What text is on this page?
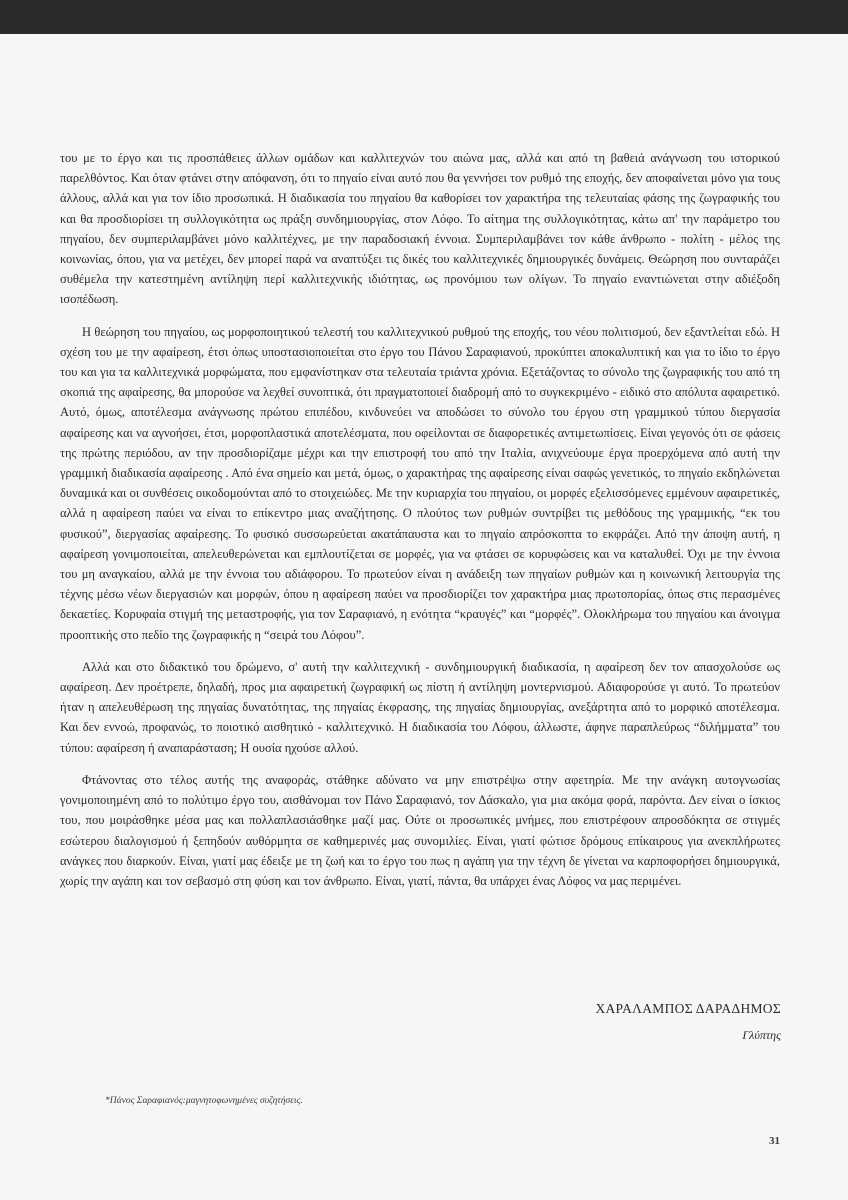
του με το έργο και τις προσπάθειες άλλων ομάδων και καλλιτεχνών του αιώνα μας, αλλά και από τη βαθειά ανάγνωση του ιστορικού παρελθόντος. Και όταν φτάνει στην απόφανση, ότι το πηγαίο είναι αυτό που θα γεννήσει τον ρυθμό της εποχής, δεν αποφαίνεται μόνο για τους άλλους, αλλά και για τον ίδιο προσωπικά. Η διαδικασία του πηγαίου θα καθορίσει τον χαρακτήρα της τελευταίας φάσης της ζωγραφικής του και θα προσδιορίσει τη συλλογικότητα ως πράξη συνδημιουργίας, στον Λόφο. Το αίτημα της συλλογικότητας, κάτω απ' την παράμετρο του πηγαίου, δεν συμπεριλαμβάνει μόνο καλλιτέχνες, με την παραδοσιακή έννοια. Συμπεριλαμβάνει τον κάθε άνθρωπο - πολίτη - μέλος της κοινωνίας, όπου, για να μετέχει, δεν μπορεί παρά να αναπτύξει τις δικές του καλλιτεχνικές δημιουργικές δυνάμεις. Θεώρηση που συνταράζει συθέμελα την κατεστημένη αντίληψη περί καλλιτεχνικής ιδιότητας, ως προνόμιου των ολίγων. Το πηγαίο εναντιώνεται στην αδιέξοδη ισοπέδωση.

Η θεώρηση του πηγαίου, ως μορφοποιητικού τελεστή του καλλιτεχνικού ρυθμού της εποχής, του νέου πολιτισμού, δεν εξαντλείται εδώ. Η σχέση του με την αφαίρεση, έτσι όπως υποστασιοποιείται στο έργο του Πάνου Σαραφιανού, προκύπτει αποκαλυπτική και για το ίδιο το έργο του και για τα καλλιτεχνικά μορφώματα, που εμφανίστηκαν στα τελευταία τριάντα χρόνια. Εξετάζοντας το σύνολο της ζωγραφικής του από τη σκοπιά της αφαίρεσης, θα μπορούσε να λεχθεί συνοπτικά, ότι πραγματοποιεί διαδρομή από το συγκεκριμένο - ειδικό στο απόλυτα αφαιρετικό. Αυτό, όμως, αποτέλεσμα ανάγνωσης πρώτου επιπέδου, κινδυνεύει να αποδώσει το σύνολο του έργου στη γραμμικού τύπου διεργασία αφαίρεσης και να αγνοήσει, έτσι, μορφοπλαστικά αποτελέσματα, που οφείλονται σε διαφορετικές αντιμετωπίσεις. Είναι γεγονός ότι σε φάσεις της πρώτης περιόδου, αν την προσδιορίζαμε μέχρι και την επιστροφή του από την Ιταλία, ανιχνεύουμε έργα προερχόμενα από αυτή την γραμμική διαδικασία αφαίρεσης . Από ένα σημείο και μετά, όμως, ο χαρακτήρας της αφαίρεσης είναι σαφώς γενετικός, το πηγαίο εκδηλώνεται δυναμικά και οι συνθέσεις οικοδομούνται από το στοιχειώδες. Με την κυριαρχία του πηγαίου, οι μορφές εξελισσόμενες εμμένουν αφαιρετικές, αλλά η αφαίρεση παύει να είναι το επίκεντρο μιας αναζήτησης. Ο πλούτος των ρυθμών συντρίβει τις μεθόδους της γραμμικής, “εκ του φυσικού”, διεργασίας αφαίρεσης. Το φυσικό συσσωρεύεται ακατάπαυστα και το πηγαίο απρόσκοπτα το εκφράζει. Από την άποψη αυτή, η αφαίρεση γονιμοποιείται, απελευθερώνεται και εμπλουτίζεται σε μορφές, για να φτάσει σε κορυφώσεις και να καταλυθεί. Όχι με την έννοια του μη αναγκαίου, αλλά με την έννοια του αδιάφορου. Το πρωτεύον είναι η ανάδειξη των πηγαίων ρυθμών και η κοινωνική λειτουργία της τέχνης μέσω νέων διεργασιών και μορφών, όπου η αφαίρεση παύει να προσδιορίζει τον χαρακτήρα μιας πρωτοπορίας, όπως στις περασμένες δεκαετίες. Κορυφαία στιγμή της μεταστροφής, για τον Σαραφιανό, η ενότητα “κραυγές” και “μορφές”. Ολοκλήρωμα του πηγαίου και άνοιγμα προοπτικής στο πεδίο της ζωγραφικής η “σειρά του Λόφου”.

Αλλά και στο διδακτικό του δρώμενο, σ' αυτή την καλλιτεχνική - συνδημιουργική διαδικασία, η αφαίρεση δεν τον απασχολούσε ως αφαίρεση. Δεν προέτρεπε, δηλαδή, προς μια αφαιρετική ζωγραφική ως πίστη ή αντίληψη μοντερνισμού. Αδιαφορούσε γι αυτό. Το πρωτεύον ήταν η απελευθέρωση της πηγαίας δυνατότητας, της πηγαίας έκφρασης, της πηγαίας δημιουργίας, ανεξάρτητα από το μορφικό αποτέλεσμα. Και δεν εννοώ, προφανώς, το ποιοτικό αισθητικό - καλλιτεχνικό. Η διαδικασία του Λόφου, άλλωστε, άφηνε παραπλεύρως “διλήμματα” του τύπου: αφαίρεση ή αναπαράσταση; Η ουσία ηχούσε αλλού.

Φτάνοντας στο τέλος αυτής της αναφοράς, στάθηκε αδύνατο να μην επιστρέψω στην αφετηρία. Με την ανάγκη αυτογνωσίας γονιμοποιημένη από το πολύτιμο έργο του, αισθάνομαι τον Πάνο Σαραφιανό, τον Δάσκαλο, για μια ακόμα φορά, παρόντα. Δεν είναι ο ίσκιος του, που μοιράσθηκε μέσα μας και πολλαπλασιάσθηκε μαζί μας. Ούτε οι προσωπικές μνήμες, που επιστρέφουν απροσδόκητα σε στιγμές εσώτερου διαλογισμού ή ξεπηδούν αυθόρμητα σε καθημερινές μας συνομιλίες. Είναι, γιατί φώτισε δρόμους επίκαιρους για ανεκπλήρωτες ανάγκες που διαρκούν. Είναι, γιατί μας έδειξε με τη ζωή και το έργο του πως η αγάπη για την τέχνη δε γίνεται να καρποφορήσει δημιουργικά, χωρίς την αγάπη και τον σεβασμό στη φύση και τον άνθρωπο. Είναι, γιατί, πάντα, θα υπάρχει ένας Λόφος να μας περιμένει.

ΧΑΡΑΛΑΜΠΟΣ ΔΑΡΑΔΗΜΟΣ
Γλύπτης
*Πάνος Σαραφιανός:μαγνητοφωνημένες συζητήσεις.
31
